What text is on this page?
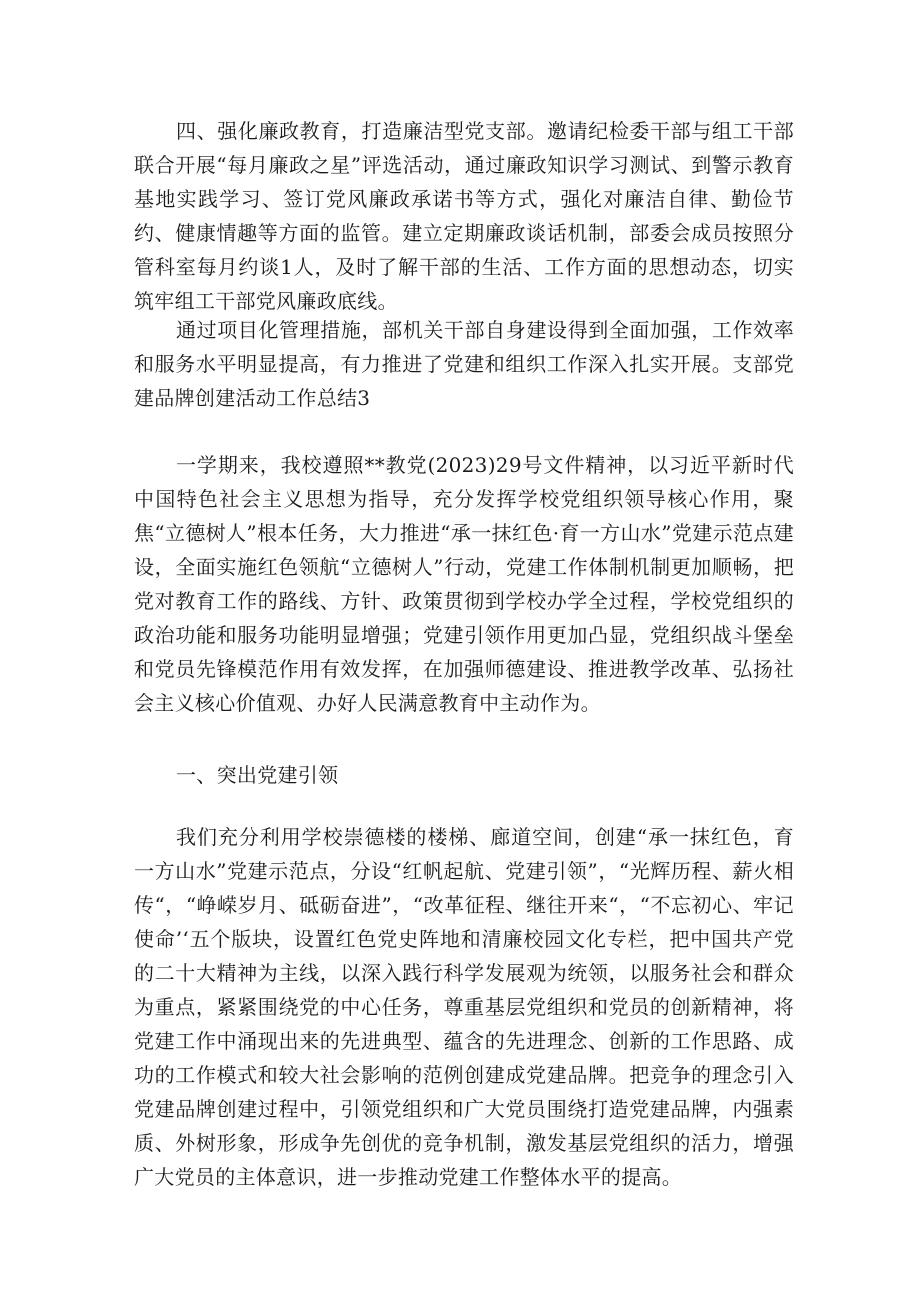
四、强化廉政教育，打造廉洁型党支部。邀请纪检委干部与组工干部联合开展“每月廉政之星”评选活动，通过廉政知识学习测试、到警示教育基地实践学习、签订党风廉政承诺书等方式，强化对廉洁自律、勤俭节约、健康情趣等方面的监管。建立定期廉政谈话机制，部委会成员按照分管科室每月约谈1人，及时了解干部的生活、工作方面的思想动态，切实筑牢组工干部党风廉政底线。

通过项目化管理措施，部机关干部自身建设得到全面加强，工作效率和服务水平明显提高，有力推进了党建和组织工作深入扎实开展。支部党建品牌创建活动工作总结3

一学期来，我校遵照**教党(2023)29号文件精神，以习近平新时代中国特色社会主义思想为指导，充分发挥学校党组织领导核心作用，聚焦“立德树人”根本任务，大力推进“承一抹红色·育一方山水”党建示范点建设，全面实施红色领航“立德树人”行动，党建工作体制机制更加顺畅，把党对教育工作的路线、方针、政策贯彻到学校办学全过程，学校党组织的政治功能和服务功能明显增强；党建引领作用更加凸显，党组织战斗堡垒和党员先锋模范作用有效发挥，在加强师德建设、推进教学改革、弘扬社会主义核心价值观、办好人民满意教育中主动作为。

一、突出党建引领

我们充分利用学校崇德楼的楼梯、廊道空间，创建“承一抹红色，育一方山水”党建示范点，分设“红帆起航、党建引领”，“光辉历程、薪火相传“，“峥嵘岁月、砥砺奋进”，“改革征程、继往开来“，“不忘初心、牢记使命’‘五个版块，设置红色党史阵地和清廉校园文化专栏，把中国共产党的二十大精神为主线，以深入践行科学发展观为统领，以服务社会和群众为重点，紧紧围绕党的中心任务，尊重基层党组织和党员的创新精神，将党建工作中涌现出来的先进典型、蕴含的先进理念、创新的工作思路、成功的工作模式和较大社会影响的范例创建成党建品牌。把竞争的理念引入党建品牌创建过程中，引领党组织和广大党员围绕打造党建品牌，内强素质、外树形象，形成争先创优的竞争机制，激发基层党组织的活力，增强广大党员的主体意识，进一步推动党建工作整体水平的提高。
